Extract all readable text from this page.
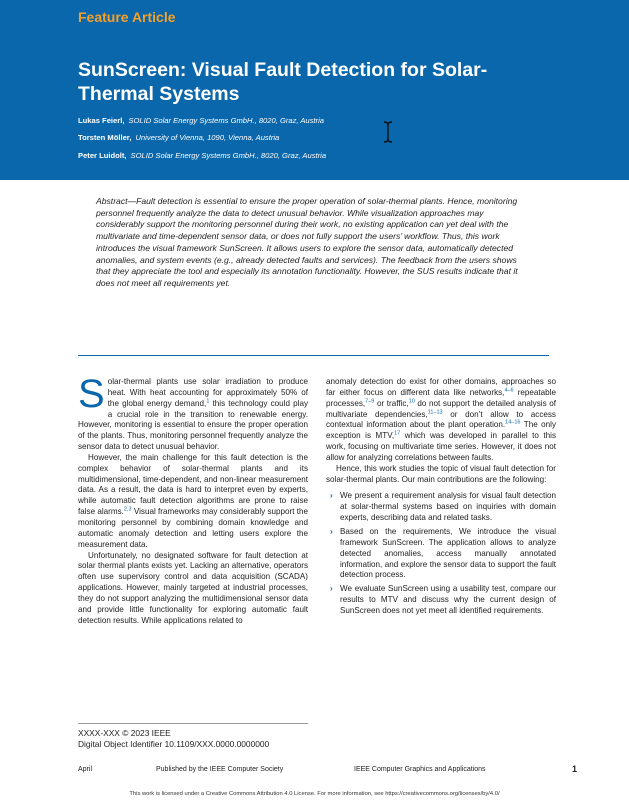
Feature Article
SunScreen: Visual Fault Detection for Solar-Thermal Systems
Lukas Feierl, SOLID Solar Energy Systems GmbH., 8020, Graz, Austria
Torsten Möller, University of Vienna, 1090, Vienna, Austria
Peter Luidolt, SOLID Solar Energy Systems GmbH., 8020, Graz, Austria

Abstract—Fault detection is essential to ensure the proper operation of solar-thermal plants. Hence, monitoring personnel frequently analyze the data to detect unusual behavior. While visualization approaches may considerably support the monitoring personnel during their work, no existing application can yet deal with the multivariate and time-dependent sensor data, or does not fully support the users’ workflow. Thus, this work introduces the visual framework SunScreen. It allows users to explore the sensor data, automatically detected anomalies, and system events (e.g., already detected faults and services). The feedback from the users shows that they appreciate the tool and especially its annotation functionality. However, the SUS results indicate that it does not meet all requirements yet.

Solar-thermal plants use solar irradiation to produce heat. With heat accounting for approximately 50% of the global energy demand,$^1$ this technology could play a crucial role in the transition to renewable energy. However, monitoring is essential to ensure the proper operation of the plants. Thus, monitoring personnel frequently analyze the sensor data to detect unusual behavior.

However, the main challenge for this fault detection is the complex behavior of solar-thermal plants and its multidimensional, time-dependent, and non-linear measurement data. As a result, the data is hard to interpret even by experts, while automatic fault detection algorithms are prone to raise false alarms.$^{2,3}$ Visual frameworks may considerably support the monitoring personnel by combining domain knowledge and automatic anomaly detection and letting users explore the measurement data.

Unfortunately, no designated software for fault detection at solar thermal plants exists yet. Lacking an alternative, operators often use supervisory control and data acquisition (SCADA) applications. However, mainly targeted at industrial processes, they do not support analyzing the multidimensional sensor data and provide little functionality for exploring automatic fault detection results. While applications related to

anomaly detection do exist for other domains, approaches so far either focus on different data like networks,$^{4-6}$ repeatable processes,$^{7-9}$ or traffic,$^{10}$ do not support the detailed analysis of multivariate dependencies,$^{11-13}$ or don’t allow to access contextual information about the plant operation.$^{14-16}$ The only exception is MTV,$^{17}$ which was developed in parallel to this work, focusing on multivariate time series. However, it does not allow for analyzing correlations between faults.

Hence, this work studies the topic of visual fault detection for solar-thermal plants. Our main contributions are the following:

› We present a requirement analysis for visual fault detection at solar-thermal systems based on inquiries with domain experts, describing data and related tasks.
› Based on the requirements, We introduce the visual framework SunScreen. The application allows to analyze detected anomalies, access manually annotated information, and explore the sensor data to support the fault detection process.
› We evaluate SunScreen using a usability test, compare our results to MTV and discuss why the current design of SunScreen does not yet meet all identified requirements.
XXXX-XXX © 2023 IEEE
Digital Object Identifier 10.1109/XXX.0000.0000000
April	Published by the IEEE Computer Society	IEEE Computer Graphics and Applications	1
This work is licensed under a Creative Commons Attribution 4.0 License. For more information, see https://creativecommons.org/licenses/by/4.0/
